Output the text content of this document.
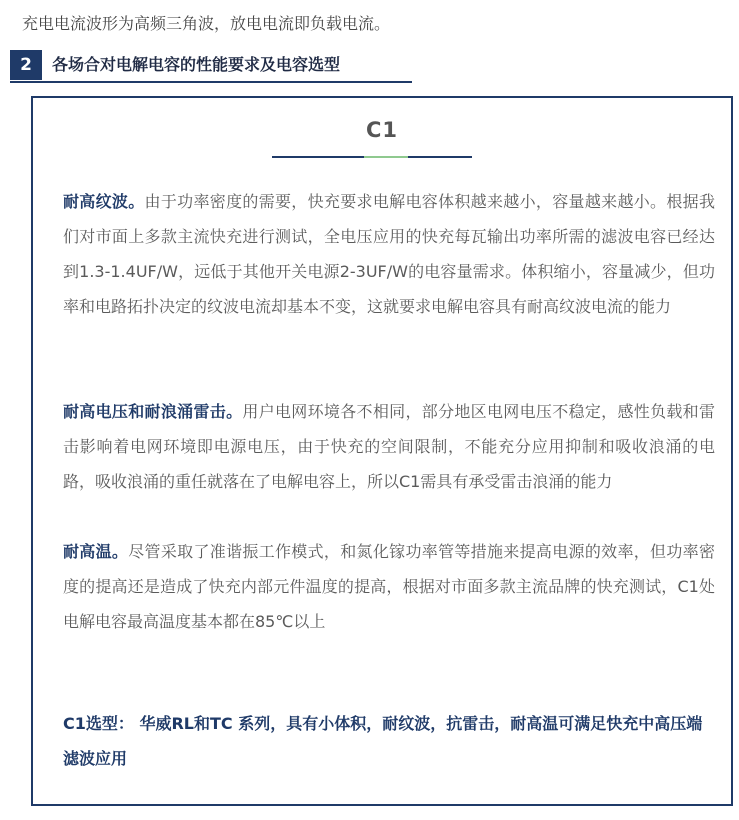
充电电流波形为高频三角波，放电电流即负载电流。
2	各场合对电解电容的性能要求及电容选型
C1
耐高纹波。由于功率密度的需要，快充要求电解电容体积越来越小，容量越来越小。根据我们对市面上多款主流快充进行测试，全电压应用的快充每瓦输出功率所需的滤波电容已经达到1.3-1.4UF/W，远低于其他开关电源2-3UF/W的电容量需求。体积缩小，容量减少，但功率和电路拓扑决定的纹波电流却基本不变，这就要求电解电容具有耐高纹波电流的能力
耐高电压和耐浪涌雷击。用户电网环境各不相同，部分地区电网电压不稳定，感性负载和雷击影响着电网环境即电源电压，由于快充的空间限制，不能充分应用抑制和吸收浪涌的电路，吸收浪涌的重任就落在了电解电容上，所以C1需具有承受雷击浪涌的能力
耐高温。尽管采取了准谐振工作模式，和氮化镓功率管等措施来提高电源的效率，但功率密度的提高还是造成了快充内部元件温度的提高，根据对市面多款主流品牌的快充测试，C1处电解电容最高温度基本都在85℃以上
C1选型： 华威RL和TC 系列，具有小体积，耐纹波，抗雷击，耐高温可满足快充中高压端滤波应用
